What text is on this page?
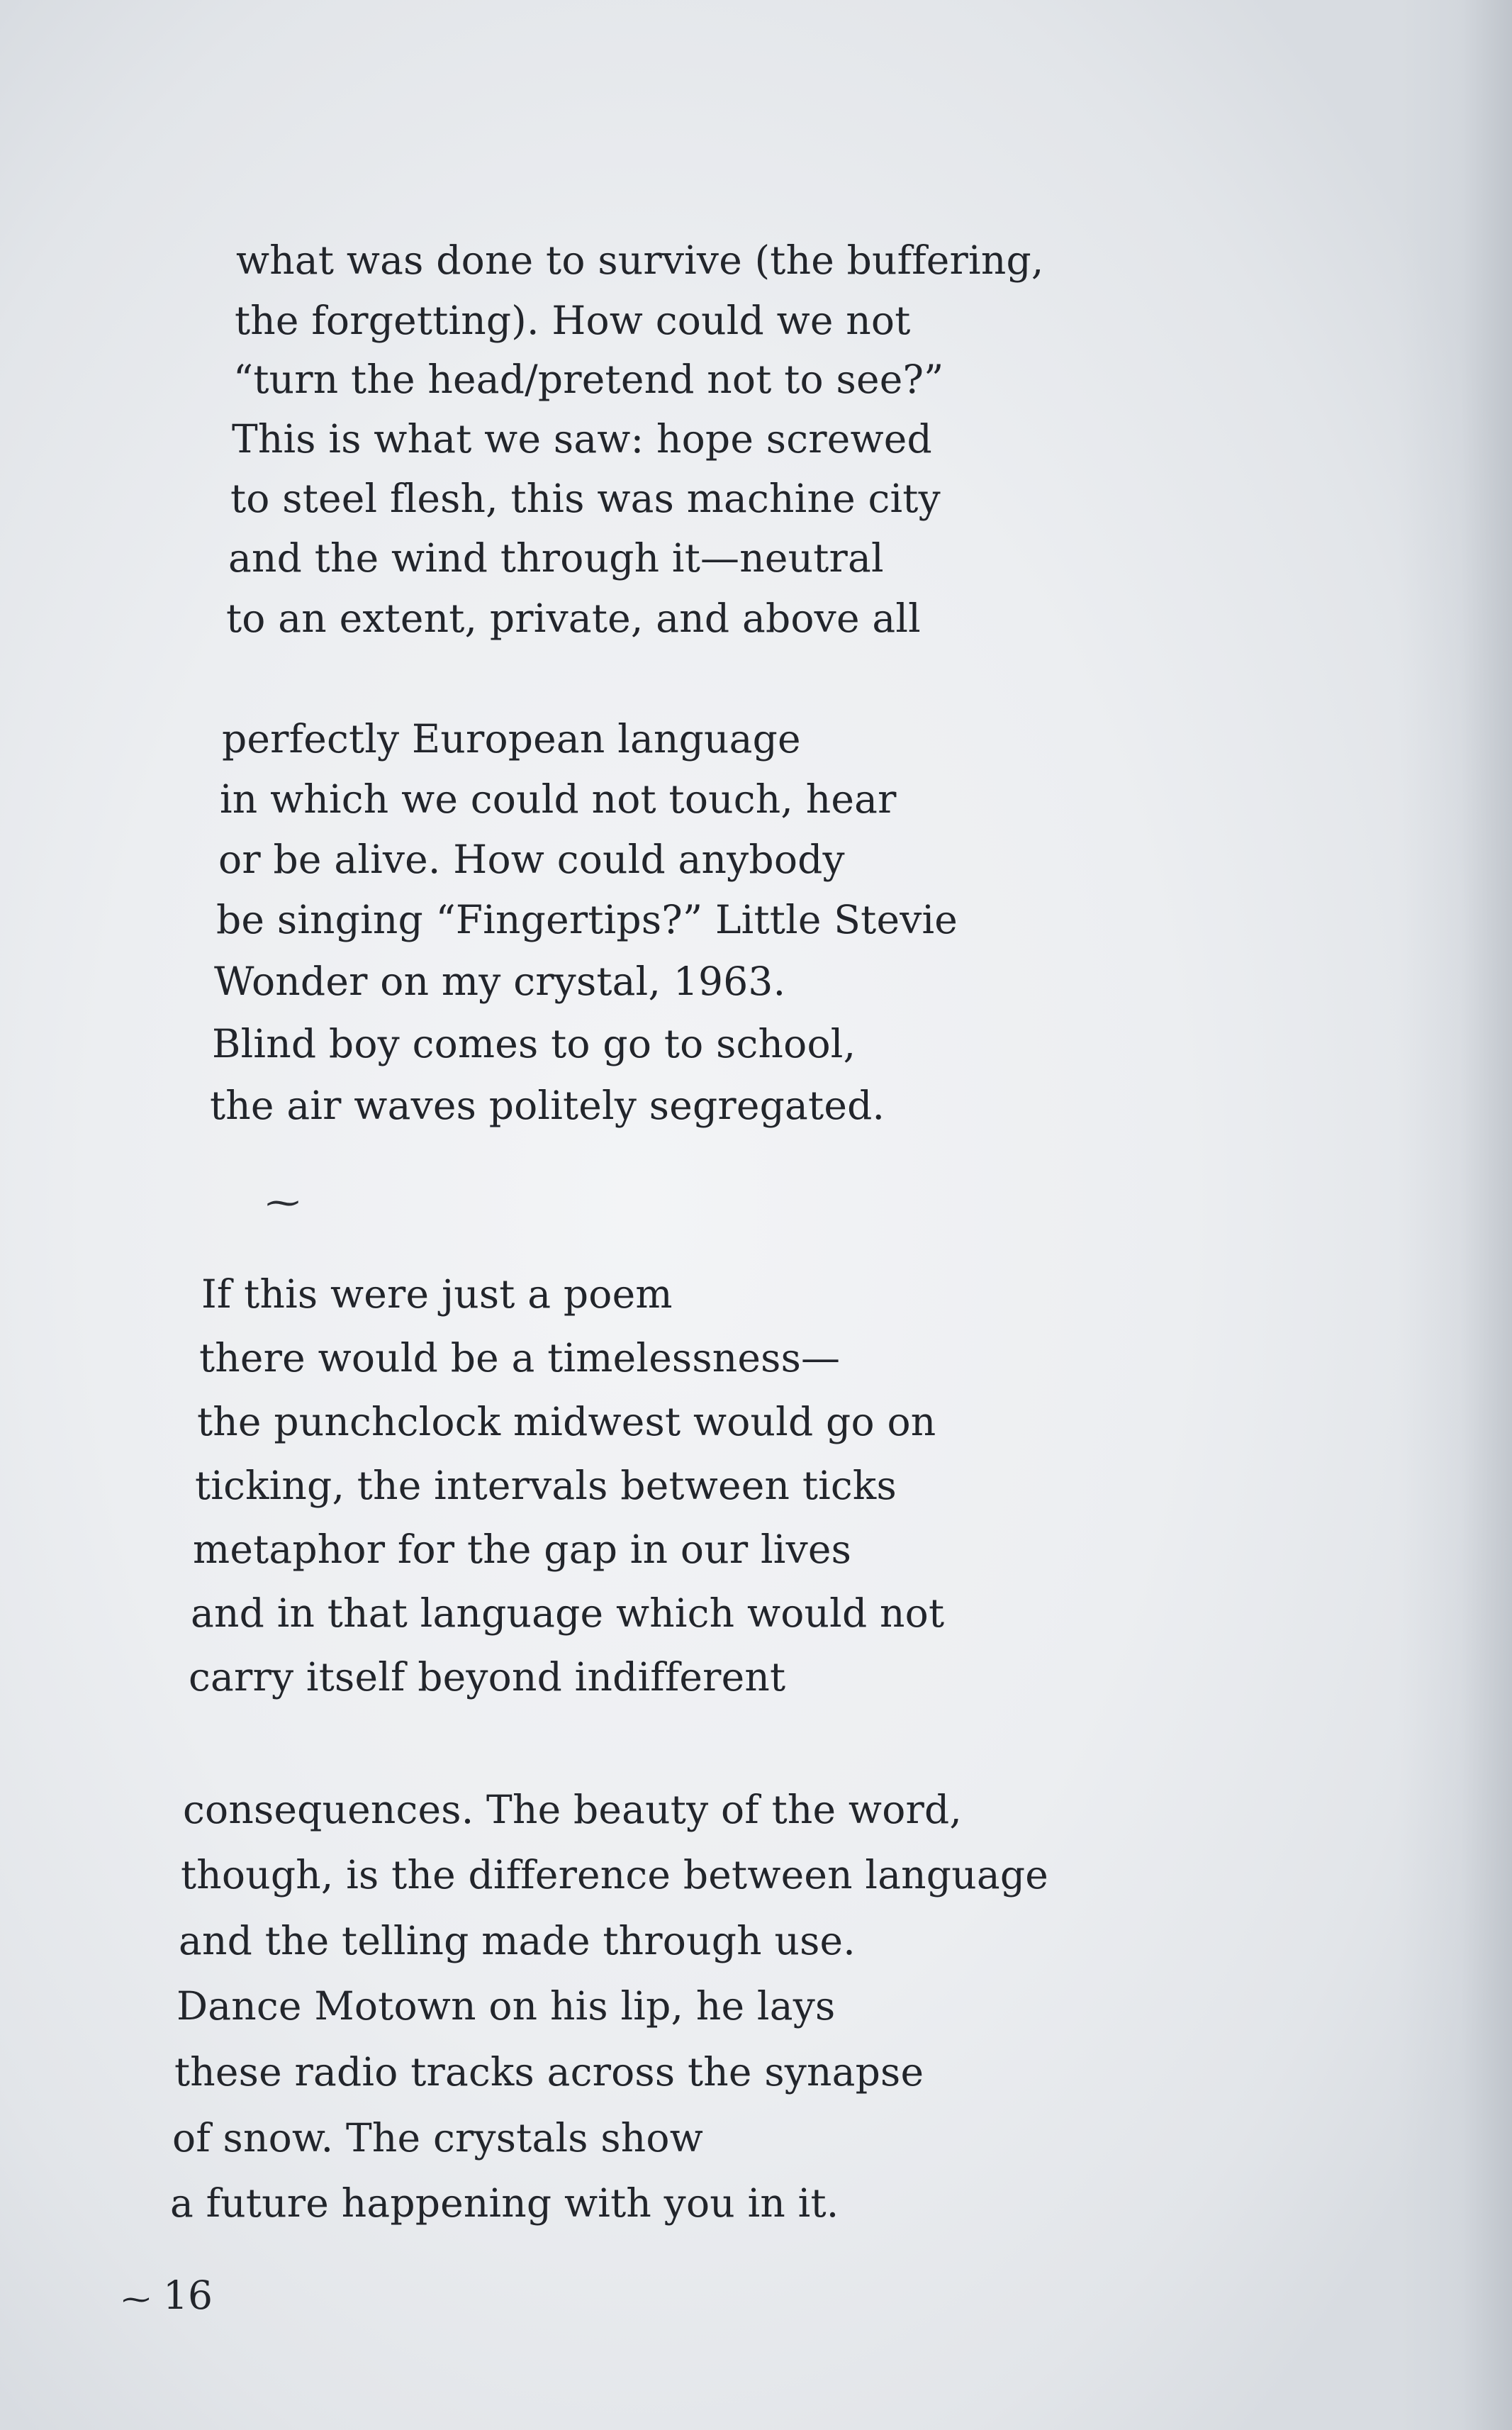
what was done to survive (the buffering,
the forgetting). How could we not
“turn the head/pretend not to see?”
This is what we saw: hope screwed
to steel flesh, this was machine city
and the wind through it—neutral
to an extent, private, and above all
perfectly European language
in which we could not touch, hear
or be alive. How could anybody
be singing “Fingertips?” Little Stevie
Wonder on my crystal, 1963.
Blind boy comes to go to school,
the air waves politely segregated.
⁓
If this were just a poem
there would be a timelessness—
the punchclock midwest would go on
ticking, the intervals between ticks
metaphor for the gap in our lives
and in that language which would not
carry itself beyond indifferent
consequences. The beauty of the word,
though, is the difference between language
and the telling made through use.
Dance Motown on his lip, he lays
these radio tracks across the synapse
of snow. The crystals show
a future happening with you in it.
⁓ 16
